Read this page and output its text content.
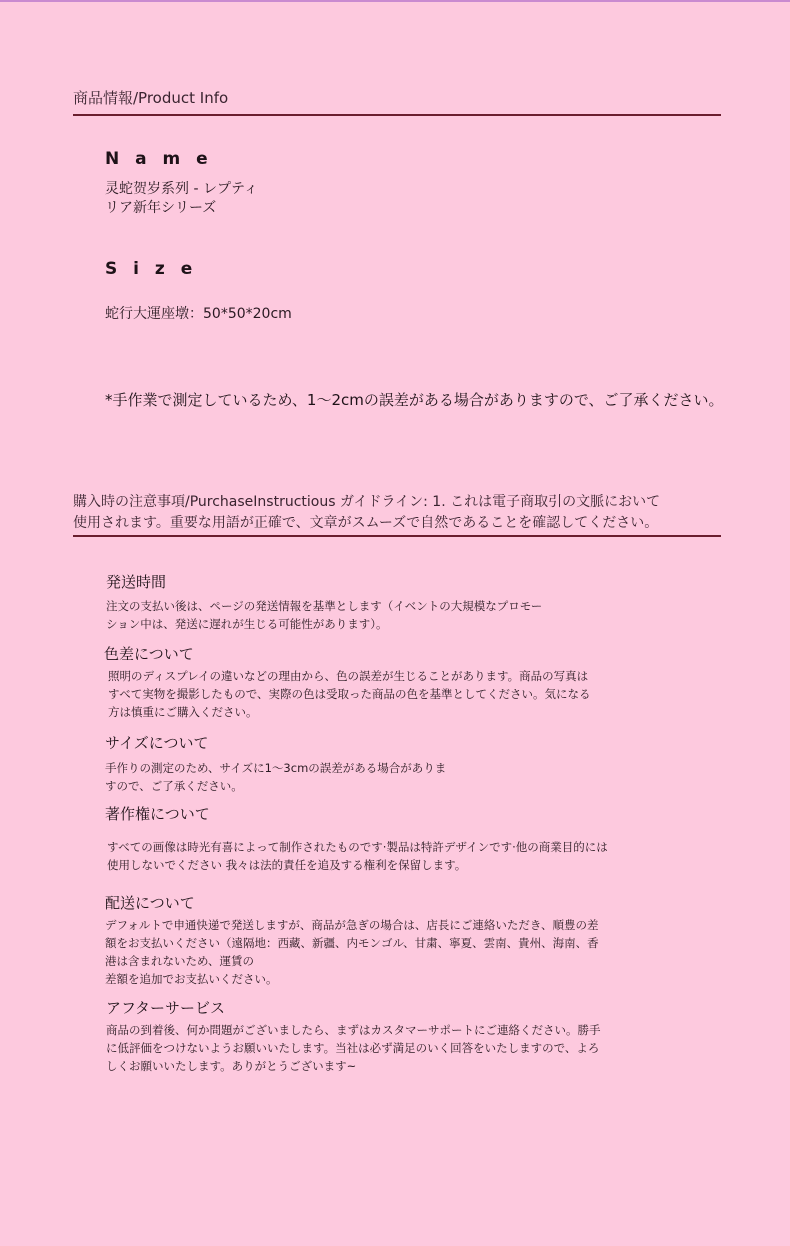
商品情報/Product Info
N a m e
灵蛇贺岁系列 - レプティ
リア新年シリーズ
S i z e
蛇行大運座墩：50*50*20cm
*手作業で測定しているため、1〜2cmの誤差がある場合がありますので、ご了承ください。
購入時の注意事項/PurchaseInstructious ガイドライン: 1. これは電子商取引の文脈において
使用されます。重要な用語が正確で、文章がスムーズで自然であることを確認してください。
発送時間
注文の支払い後は、ページの発送情報を基準とします（イベントの大規模なプロモー
ション中は、発送に遅れが生じる可能性があります）。
色差について
照明のディスプレイの違いなどの理由から、色の誤差が生じることがあります。商品の写真は
すべて実物を撮影したもので、実際の色は受取った商品の色を基準としてください。気になる
方は慎重にご購入ください。
サイズについて
手作りの測定のため、サイズに1〜3cmの誤差がある場合がありま
すので、ご了承ください。
著作権について
すべての画像は時光有喜によって制作されたものです·製品は特許デザインです·他の商業目的には
使用しないでください 我々は法的責任を追及する権利を保留します。
配送について
デフォルトで申通快递で発送しますが、商品が急ぎの場合は、店長にご連絡いただき、順豊の差
額をお支払いください（遠隔地：西藏、新疆、内モンゴル、甘粛、寧夏、雲南、貴州、海南、香
港は含まれないため、運賃の
差額を追加でお支払いください。
アフターサービス
商品の到着後、何か問題がございましたら、まずはカスタマーサポートにご連絡ください。勝手
に低評価をつけないようお願いいたします。当社は必ず満足のいく回答をいたしますので、よろ
しくお願いいたします。ありがとうございます~
